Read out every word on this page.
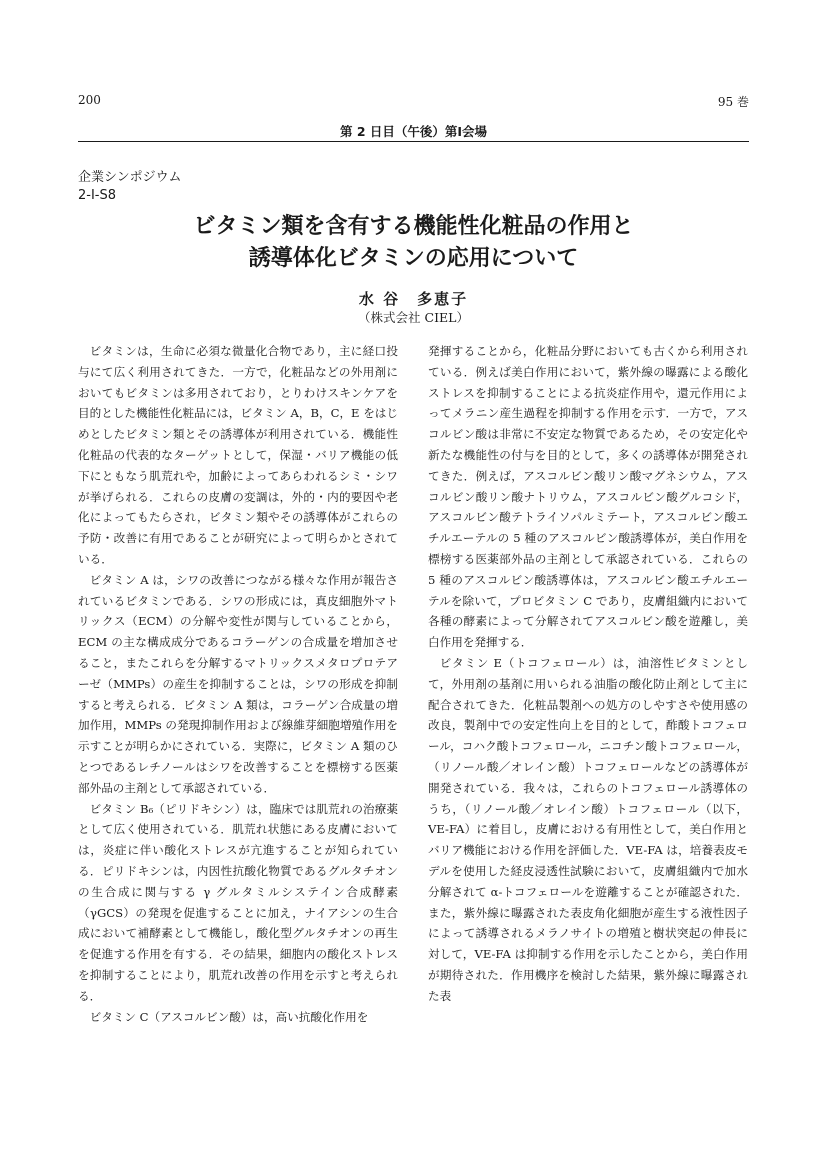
200	95 巻
第 2 日目（午後）第Ⅰ会場
企業シンポジウム
2-Ⅰ-S8
ビタミン類を含有する機能性化粧品の作用と
誘導体化ビタミンの応用について
水 谷　多恵子
（株式会社 CIEL）

ビタミンは，生命に必須な微量化合物であり，主に経口投与にて広く利用されてきた．一方で，化粧品などの外用剤においてもビタミンは多用されており，とりわけスキンケアを目的とした機能性化粧品には，ビタミン A，B，C，E をはじめとしたビタミン類とその誘導体が利用されている．機能性化粧品の代表的なターゲットとして，保湿・バリア機能の低下にともなう肌荒れや，加齢によってあらわれるシミ・シワが挙げられる．これらの皮膚の変調は，外的・内的要因や老化によってもたらされ，ビタミン類やその誘導体がこれらの予防・改善に有用であることが研究によって明らかとされている．

ビタミン A は，シワの改善につながる様々な作用が報告されているビタミンである．シワの形成には，真皮細胞外マトリックス（ECM）の分解や変性が関与していることから，ECM の主な構成成分であるコラーゲンの合成量を増加させること，またこれらを分解するマトリックスメタロプロテアーゼ（MMPs）の産生を抑制することは，シワの形成を抑制すると考えられる．ビタミン A 類は，コラーゲン合成量の増加作用，MMPs の発現抑制作用および線維芽細胞増殖作用を示すことが明らかにされている．実際に，ビタミン A 類のひとつであるレチノールはシワを改善することを標榜する医薬部外品の主剤として承認されている．

ビタミン B₆（ピリドキシン）は，臨床では肌荒れの治療薬として広く使用されている．肌荒れ状態にある皮膚においては，炎症に伴い酸化ストレスが亢進することが知られている．ピリドキシンは，内因性抗酸化物質であるグルタチオンの生合成に関与する γ グルタミルシステイン合成酵素（γGCS）の発現を促進することに加え，ナイアシンの生合成において補酵素として機能し，酸化型グルタチオンの再生を促進する作用を有する．その結果，細胞内の酸化ストレスを抑制することにより，肌荒れ改善の作用を示すと考えられる．

ビタミン C（アスコルビン酸）は，高い抗酸化作用を

発揮することから，化粧品分野においても古くから利用されている．例えば美白作用において，紫外線の曝露による酸化ストレスを抑制することによる抗炎症作用や，還元作用によってメラニン産生過程を抑制する作用を示す．一方で，アスコルビン酸は非常に不安定な物質であるため，その安定化や新たな機能性の付与を目的として，多くの誘導体が開発されてきた．例えば，アスコルビン酸リン酸マグネシウム，アスコルビン酸リン酸ナトリウム，アスコルビン酸グルコシド，アスコルビン酸テトライソパルミテート，アスコルビン酸エチルエーテルの 5 種のアスコルビン酸誘導体が，美白作用を標榜する医薬部外品の主剤として承認されている．これらの 5 種のアスコルビン酸誘導体は，アスコルビン酸エチルエーテルを除いて，プロビタミン C であり，皮膚組織内において各種の酵素によって分解されてアスコルビン酸を遊離し，美白作用を発揮する．

ビタミン E（トコフェロール）は，油溶性ビタミンとして，外用剤の基剤に用いられる油脂の酸化防止剤として主に配合されてきた．化粧品製剤への処方のしやすさや使用感の改良，製剤中での安定性向上を目的として，酢酸トコフェロール，コハク酸トコフェロール，ニコチン酸トコフェロール，（リノール酸／オレイン酸）トコフェロールなどの誘導体が開発されている．我々は，これらのトコフェロール誘導体のうち，（リノール酸／オレイン酸）トコフェロール（以下，VE-FA）に着目し，皮膚における有用性として，美白作用とバリア機能における作用を評価した．VE-FA は，培養表皮モデルを使用した経皮浸透性試験において，皮膚組織内で加水分解されて α-トコフェロールを遊離することが確認された．また，紫外線に曝露された表皮角化細胞が産生する液性因子によって誘導されるメラノサイトの増殖と樹状突起の伸長に対して，VE-FA は抑制する作用を示したことから，美白作用が期待された．作用機序を検討した結果，紫外線に曝露された表
